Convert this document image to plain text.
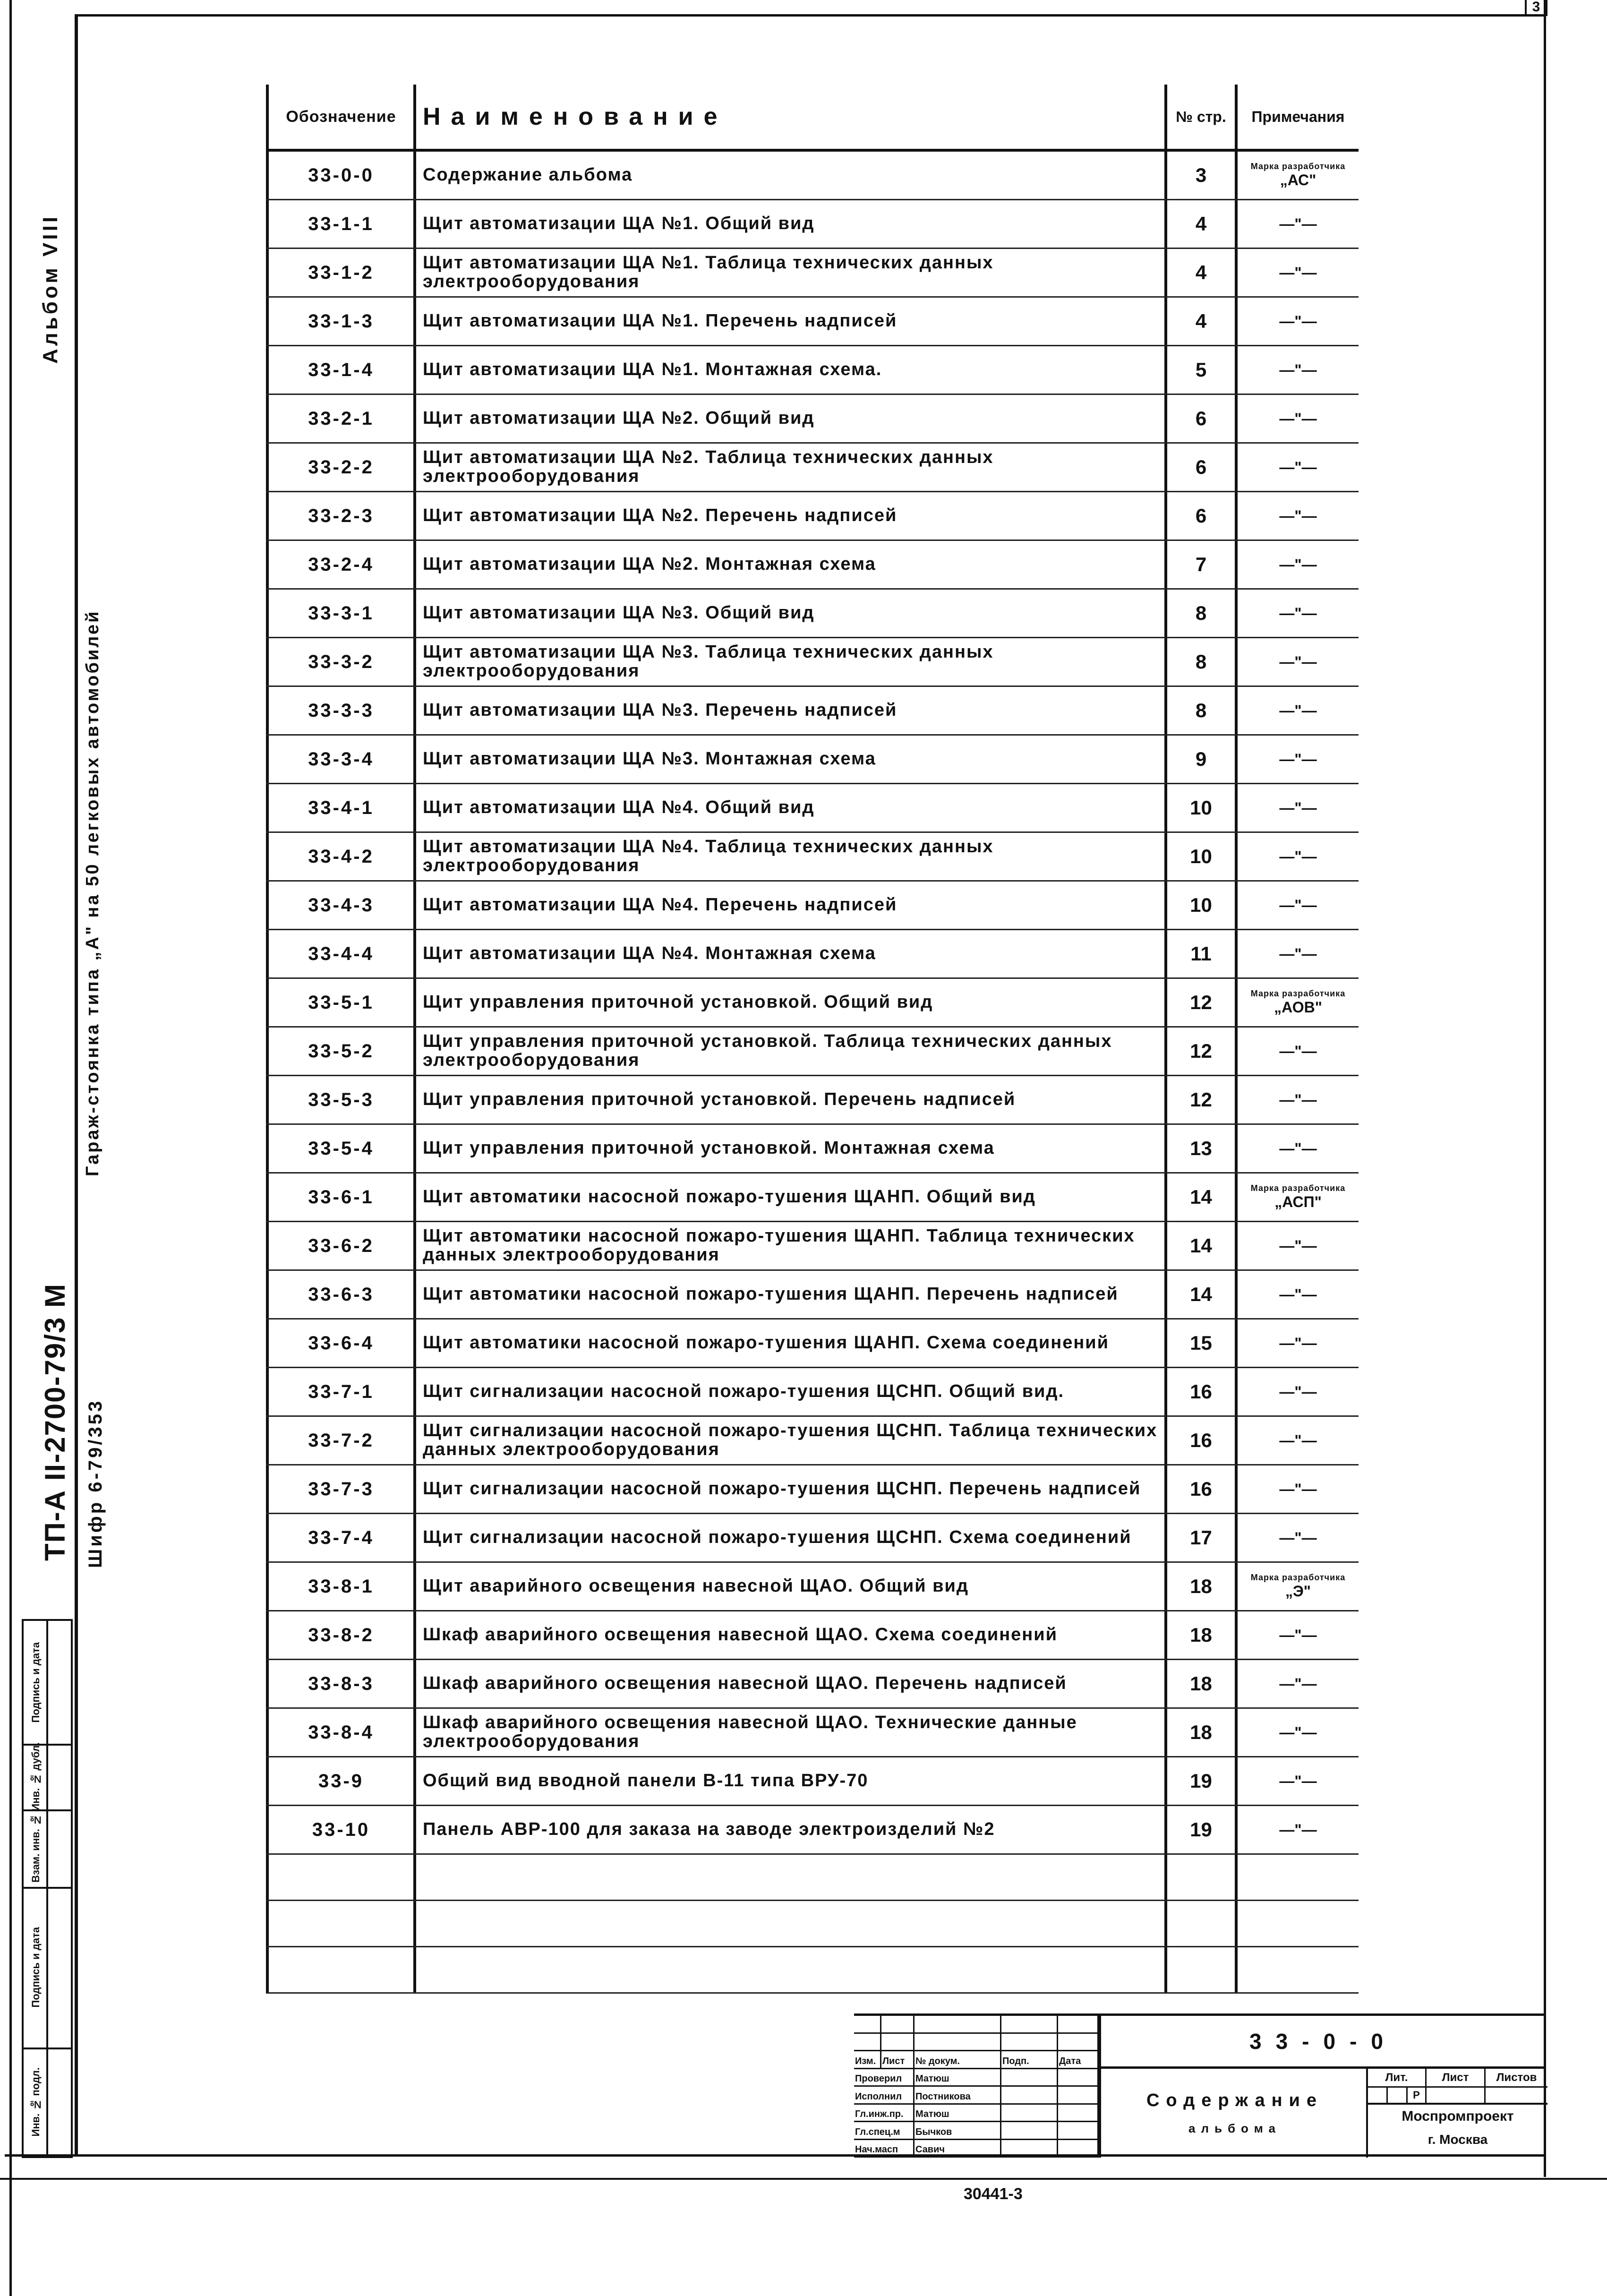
3
Альбом VIII
Гараж-стоянка типа „А" на 50 легковых автомобилей
ТП-А II-2700-79/3 М Шифр 6-79/353
Подпись и дата
Инв. № дубл.
Взам. инв. №
Подпись и дата
Инв. № подл.
Обозначение	Наименование	№ стр.	Примечания
33-0-0	Содержание альбома	3	Марка разработчика
„АС"
33-1-1	Щит автоматизации ЩА №1. Общий вид	4	—"—
33-1-2	Щит автоматизации ЩА №1. Таблица технических данных электрооборудования	4	—"—
33-1-3	Щит автоматизации ЩА №1. Перечень надписей	4	—"—
33-1-4	Щит автоматизации ЩА №1. Монтажная схема.	5	—"—
33-2-1	Щит автоматизации ЩА №2. Общий вид	6	—"—
33-2-2	Щит автоматизации ЩА №2. Таблица технических данных электрооборудования	6	—"—
33-2-3	Щит автоматизации ЩА №2. Перечень надписей	6	—"—
33-2-4	Щит автоматизации ЩА №2. Монтажная схема	7	—"—
33-3-1	Щит автоматизации ЩА №3. Общий вид	8	—"—
33-3-2	Щит автоматизации ЩА №3. Таблица технических данных электрооборудования	8	—"—
33-3-3	Щит автоматизации ЩА №3. Перечень надписей	8	—"—
33-3-4	Щит автоматизации ЩА №3. Монтажная схема	9	—"—
33-4-1	Щит автоматизации ЩА №4. Общий вид	10	—"—
33-4-2	Щит автоматизации ЩА №4. Таблица технических данных электрооборудования	10	—"—
33-4-3	Щит автоматизации ЩА №4. Перечень надписей	10	—"—
33-4-4	Щит автоматизации ЩА №4. Монтажная схема	11	—"—
33-5-1	Щит управления приточной установкой. Общий вид	12	Марка разработчика
„АОВ"
33-5-2	Щит управления приточной установкой. Таблица технических данных электрооборудования	12	—"—
33-5-3	Щит управления приточной установкой. Перечень надписей	12	—"—
33-5-4	Щит управления приточной установкой. Монтажная схема	13	—"—
33-6-1	Щит автоматики насосной пожаро-тушения ЩАНП. Общий вид	14	Марка разработчика
„АСП"
33-6-2	Щит автоматики насосной пожаро-тушения ЩАНП. Таблица технических данных электрооборудования	14	—"—
33-6-3	Щит автоматики насосной пожаро-тушения ЩАНП. Перечень надписей	14	—"—
33-6-4	Щит автоматики насосной пожаро-тушения ЩАНП. Схема соединений	15	—"—
33-7-1	Щит сигнализации насосной пожаро-тушения ЩСНП. Общий вид.	16	—"—
33-7-2	Щит сигнализации насосной пожаро-тушения ЩСНП. Таблица технических данных электрооборудования	16	—"—
33-7-3	Щит сигнализации насосной пожаро-тушения ЩСНП. Перечень надписей	16	—"—
33-7-4	Щит сигнализации насосной пожаро-тушения ЩСНП. Схема соединений	17	—"—
33-8-1	Щит аварийного освещения навесной ЩАО. Общий вид	18	Марка разработчика
„Э"
33-8-2	Шкаф аварийного освещения навесной ЩАО. Схема соединений	18	—"—
33-8-3	Шкаф аварийного освещения навесной ЩАО. Перечень надписей	18	—"—
33-8-4	Шкаф аварийного освещения навесной ЩАО. Технические данные электрооборудования	18	—"—
33-9	Общий вид вводной панели В-11 типа ВРУ-70	19	—"—
33-10	Панель АВР-100 для заказа на заводе электроизделий №2	19	—"—
Изм. Лист	№ докум.	Подп.	Дата
Проверил	Матюш
Исполнил	Постникова
Гл.инж.пр.	Матюш
Гл.спец.м	Бычков
Нач.масп	Савич
33-0-0
Содержание
альбома
Лит.	Лист	Листов
Р
Моспромпроект
г. Москва
30441-3
